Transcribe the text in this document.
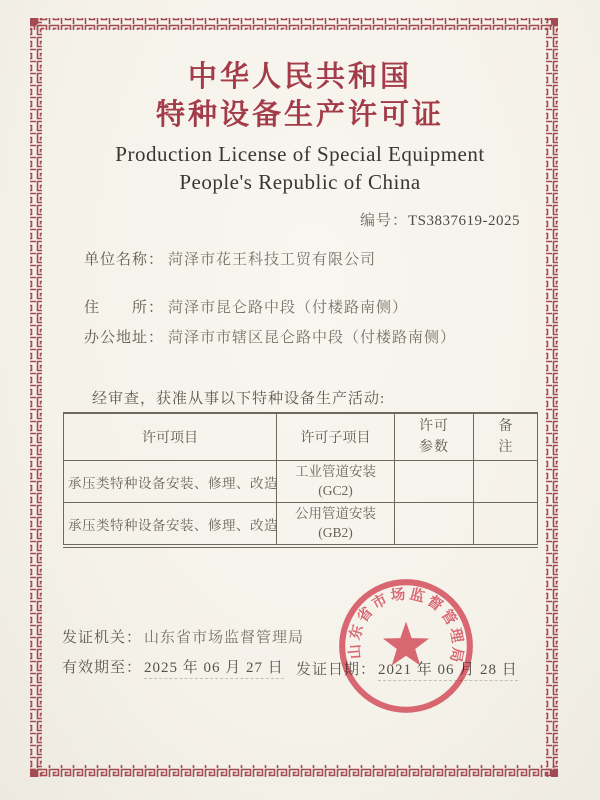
中华人民共和国
特种设备生产许可证
Production License of Special Equipment
People's Republic of China
编号：TS3837619-2025
单位名称： 菏泽市花王科技工贸有限公司
住　　所： 菏泽市昆仑路中段（付楼路南侧）
办公地址： 菏泽市市辖区昆仑路中段（付楼路南侧）
经审查，获准从事以下特种设备生产活动:
许可项目	许可子项目	许可参数	备注

承压类特种设备安装、修理、改造	工业管道安装
(GC2)		

承压类特种设备安装、修理、改造	公用管道安装
(GB2)		

发证机关： 山东省市场监督管理局
有效期至： 2025 年 06 月 27 日 发证日期： 2021 年 06 月 28 日
山东省市场监督管理局
